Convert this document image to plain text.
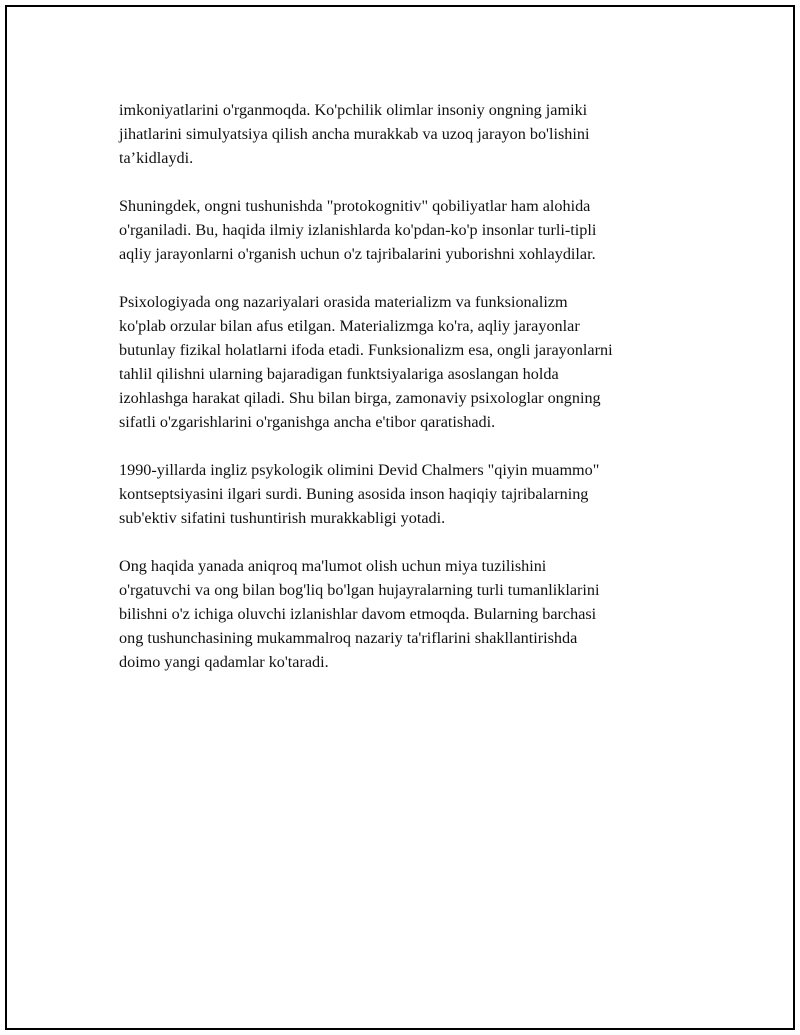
imkoniyatlarini o'rganmoqda. Ko'pchilik olimlar insoniy ongning jamiki
jihatlarini simulyatsiya qilish ancha murakkab va uzoq jarayon bo'lishini
ta’kidlaydi.

Shuningdek, ongni tushunishda "protokognitiv" qobiliyatlar ham alohida
o'rganiladi. Bu, haqida ilmiy izlanishlarda ko'pdan-ko'p insonlar turli-tipli
aqliy jarayonlarni o'rganish uchun o'z tajribalarini yuborishni xohlaydilar.

Psixologiyada ong nazariyalari orasida materializm va funksionalizm
ko'plab orzular bilan afus etilgan. Materializmga ko'ra, aqliy jarayonlar
butunlay fizikal holatlarni ifoda etadi. Funksionalizm esa, ongli jarayonlarni
tahlil qilishni ularning bajaradigan funktsiyalariga asoslangan holda
izohlashga harakat qiladi. Shu bilan birga, zamonaviy psixologlar ongning
sifatli o'zgarishlarini o'rganishga ancha e'tibor qaratishadi.

1990-yillarda ingliz psykologik olimini Devid Chalmers "qiyin muammo"
kontseptsiyasini ilgari surdi. Buning asosida inson haqiqiy tajribalarning
sub'ektiv sifatini tushuntirish murakkabligi yotadi.

Ong haqida yanada aniqroq ma'lumot olish uchun miya tuzilishini
o'rgatuvchi va ong bilan bog'liq bo'lgan hujayralarning turli tumanliklarini
bilishni o'z ichiga oluvchi izlanishlar davom etmoqda. Bularning barchasi
ong tushunchasining mukammalroq nazariy ta'riflarini shakllantirishda
doimo yangi qadamlar ko'taradi.
